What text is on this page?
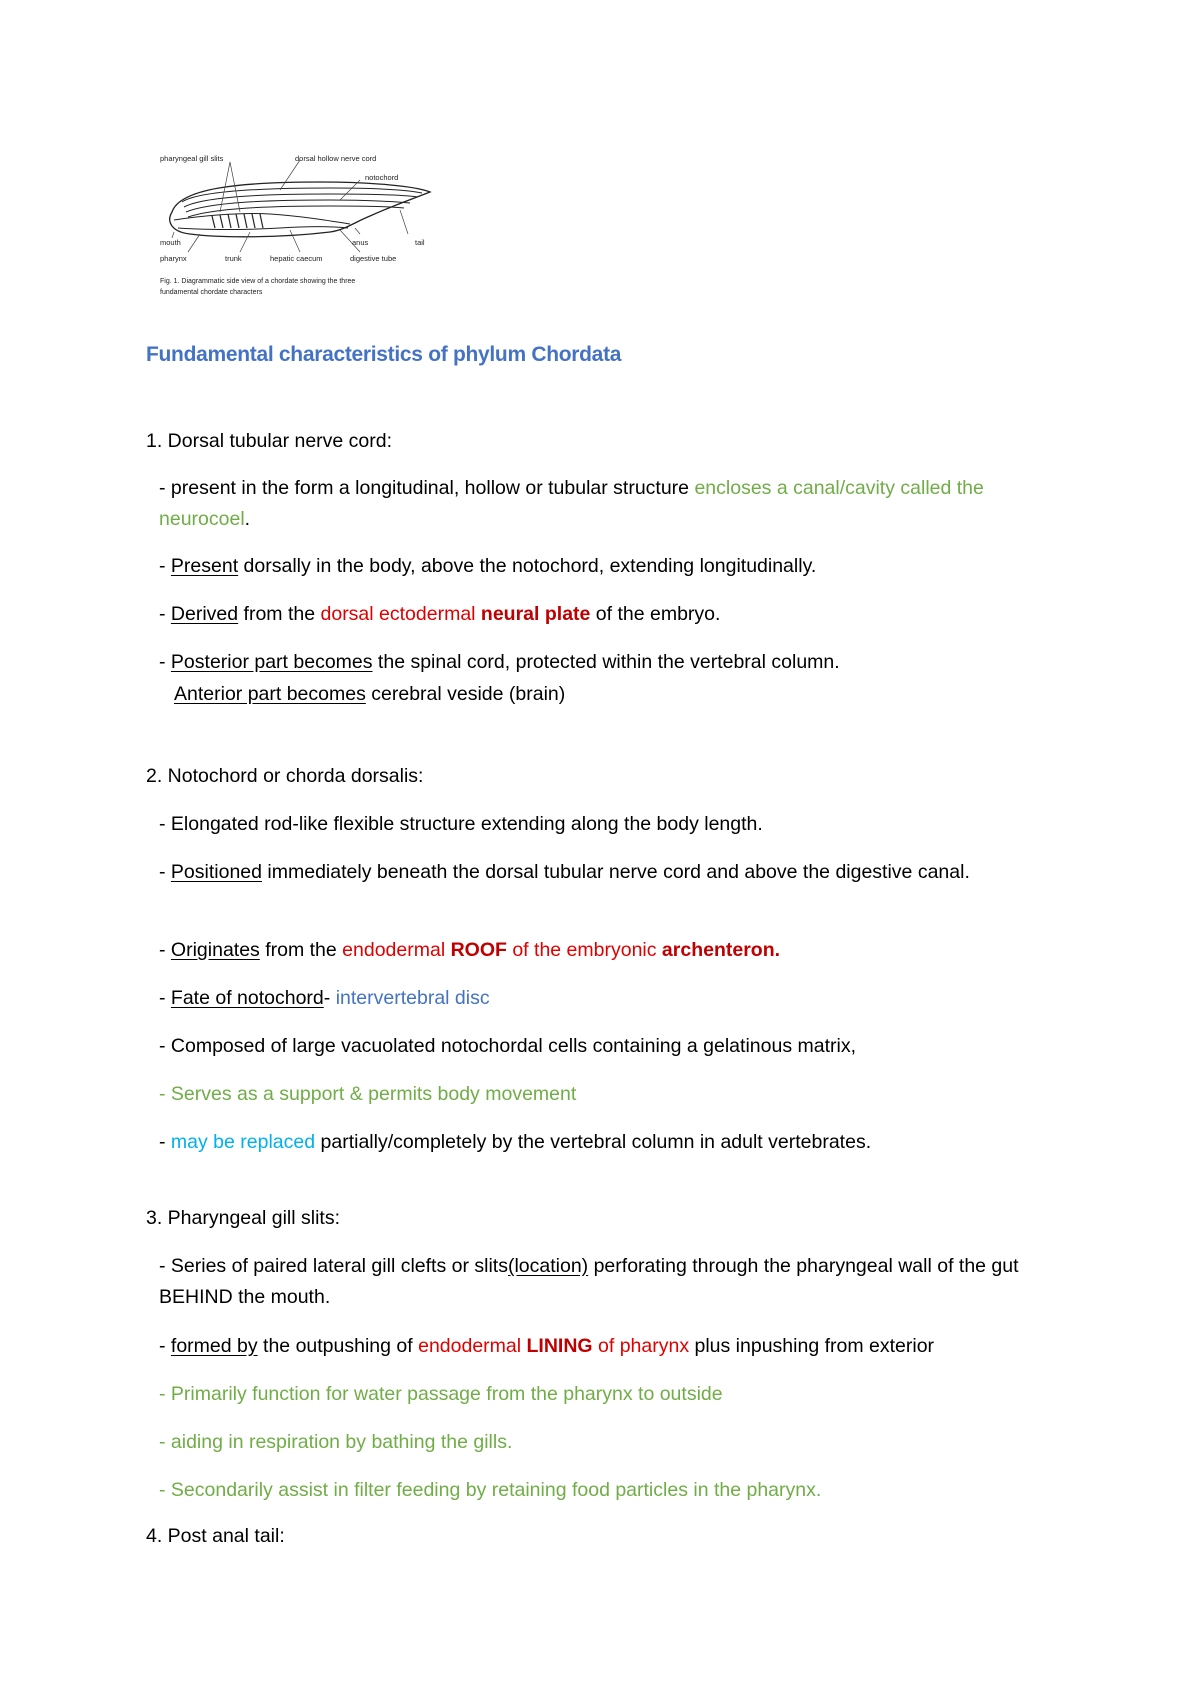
pharyngeal gill slits	dorsal hollow nerve cord
notochord
mouth	anus	tail
pharynx	trunk	hepatic caecum	digestive tube
Fig. 1. Diagrammatic side view of a chordate showing the three
fundamental chordate characters
Fundamental characteristics of phylum Chordata
1. Dorsal tubular nerve cord:
- present in the form a longitudinal, hollow or tubular structure encloses a canal/cavity called the neurocoel.
- Present dorsally in the body, above the notochord, extending longitudinally.
- Derived from the dorsal ectodermal neural plate of the embryo.
- Posterior part becomes the spinal cord, protected within the vertebral column.
Anterior part becomes cerebral veside (brain)
2. Notochord or chorda dorsalis:
- Elongated rod-like flexible structure extending along the body length.
- Positioned immediately beneath the dorsal tubular nerve cord and above the digestive canal.
- Originates from the endodermal ROOF of the embryonic archenteron.
- Fate of notochord- intervertebral disc
- Composed of large vacuolated notochordal cells containing a gelatinous matrix,
- Serves as a support & permits body movement
- may be replaced partially/completely by the vertebral column in adult vertebrates.
3. Pharyngeal gill slits:
- Series of paired lateral gill clefts or slits(location) perforating through the pharyngeal wall of the gut BEHIND the mouth.
- formed by the outpushing of endodermal LINING of pharynx plus inpushing from exterior
- Primarily function for water passage from the pharynx to outside
- aiding in respiration by bathing the gills.
- Secondarily assist in filter feeding by retaining food particles in the pharynx.
4. Post anal tail:
